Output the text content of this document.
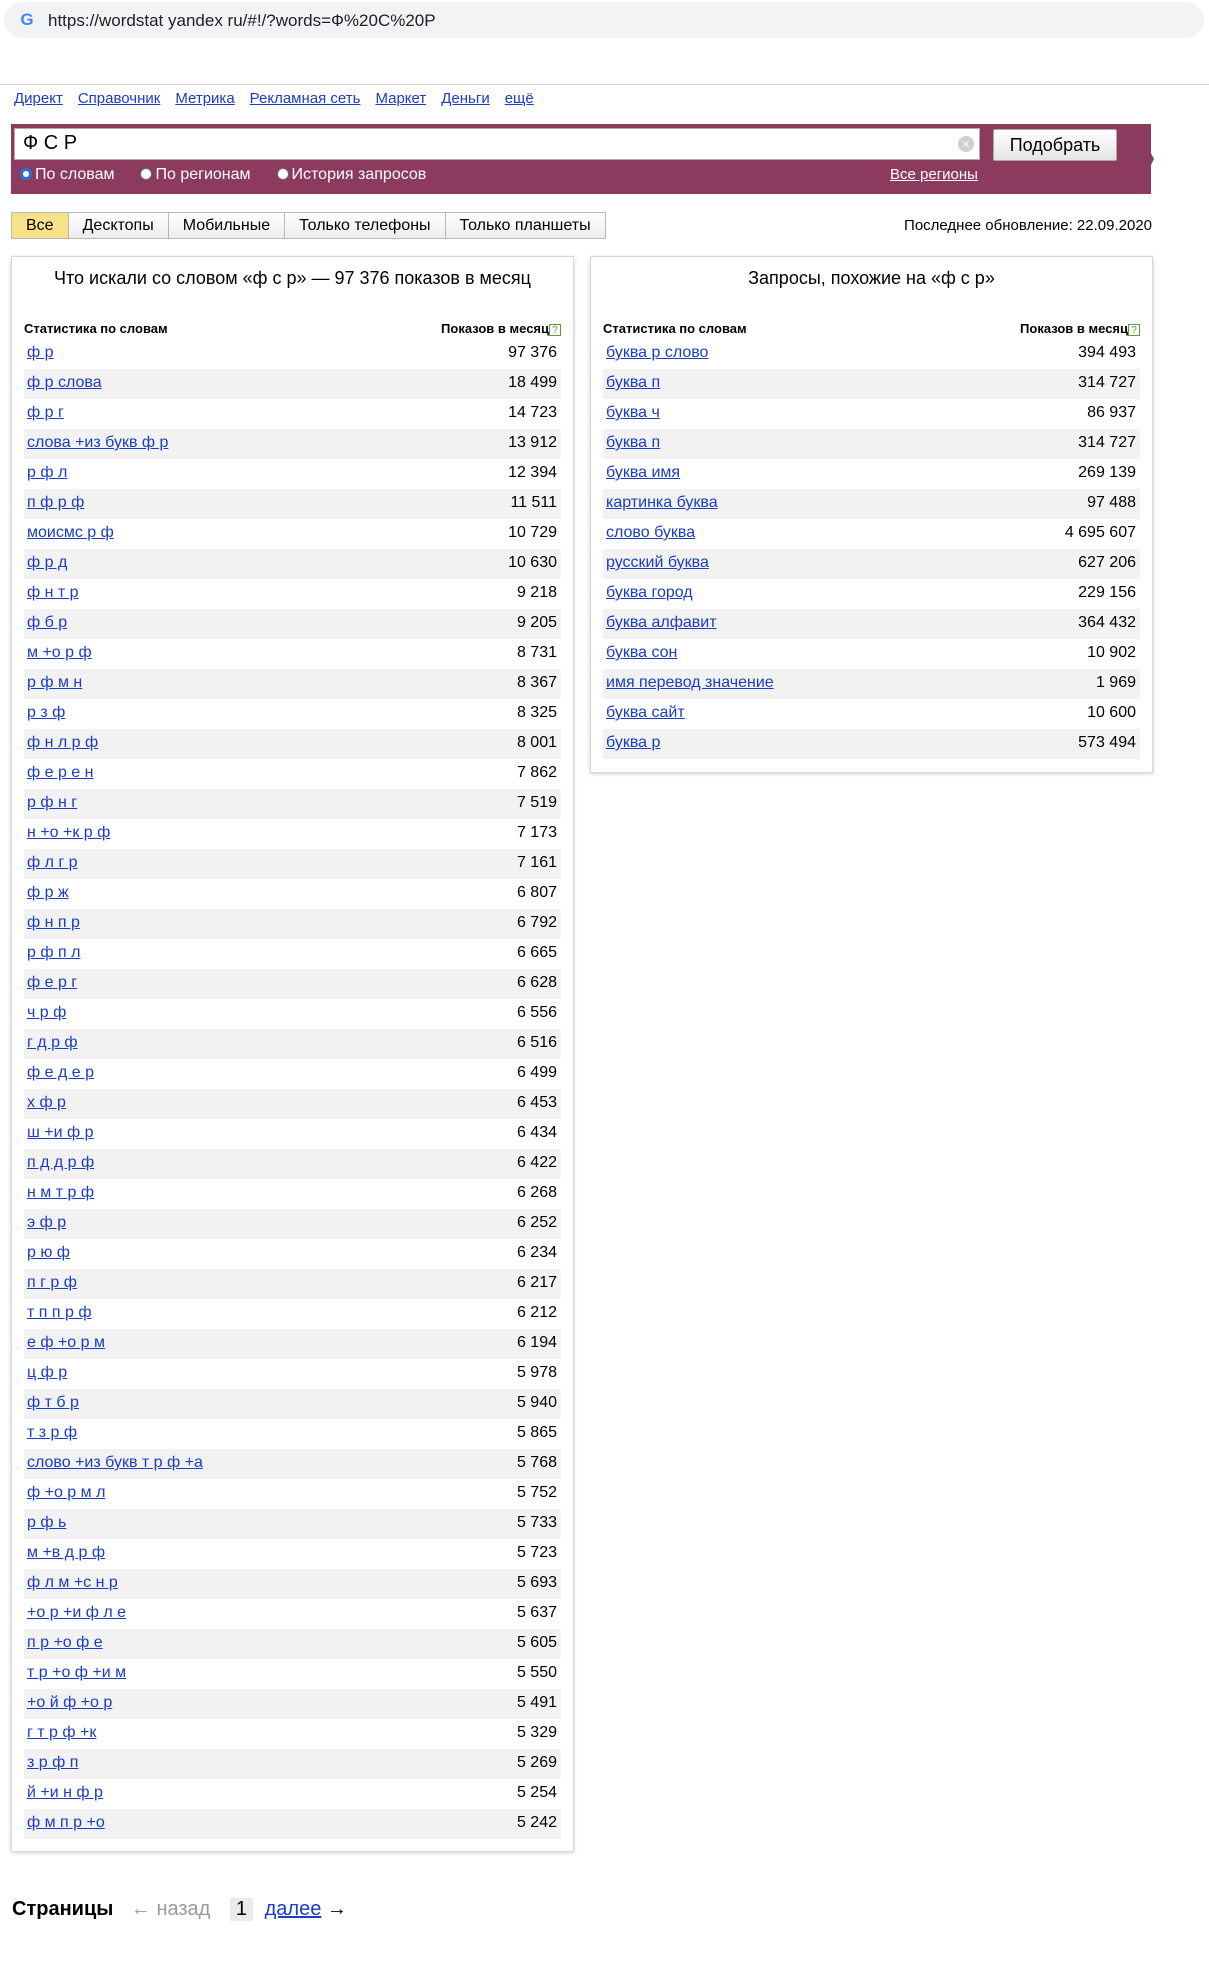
G https://wordstat yandex ru/#!/?words=Ф%20С%20Р
Директ Справочник Метрика Рекламная сеть Маркет Деньги ещё
Ф С Р	×	Подобрать
По словам	По регионам	История запросов	Все регионы
Все	Десктопы	Мобильные	Только телефоны	Только планшеты	Последнее обновление: 22.09.2020
Что искали со словом «ф с р» — 97 376 показов в месяц
Статистика по словам	Показов в месяц ?
ф р	97 376
ф р слова	18 499
ф р г	14 723
слова +из букв ф р	13 912
р ф л	12 394
п ф р ф	11 511
моисмс р ф	10 729
ф р д	10 630
ф н т р	9 218
ф б р	9 205
м +о р ф	8 731
р ф м н	8 367
р з ф	8 325
ф н л р ф	8 001
ф е р е н	7 862
р ф н г	7 519
н +о +к р ф	7 173
ф л г р	7 161
ф р ж	6 807
ф н п р	6 792
р ф п л	6 665
ф е р г	6 628
ч р ф	6 556
г д р ф	6 516
ф е д е р	6 499
х ф р	6 453
ш +и ф р	6 434
п д д р ф	6 422
н м т р ф	6 268
э ф р	6 252
р ю ф	6 234
п г р ф	6 217
т п п р ф	6 212
е ф +о р м	6 194
ц ф р	5 978
ф т б р	5 940
т з р ф	5 865
слово +из букв т р ф +а	5 768
ф +о р м л	5 752
р ф ь	5 733
м +в д р ф	5 723
ф л м +с н р	5 693
+о р +и ф л е	5 637
п р +о ф е	5 605
т р +о ф +и м	5 550
+о й ф +о р	5 491
г т р ф +к	5 329
з р ф п	5 269
й +и н ф р	5 254
ф м п р +о	5 242
Запросы, похожие на «ф с р»
Статистика по словам	Показов в месяц ?
буква р слово	394 493
буква п	314 727
буква ч	86 937
буква п	314 727
буква имя	269 139
картинка буква	97 488
слово буква	4 695 607
русский буква	627 206
буква город	229 156
буква алфавит	364 432
буква сон	10 902
имя перевод значение	1 969
буква сайт	10 600
буква р	573 494
Страницы ← назад 1 далее →
